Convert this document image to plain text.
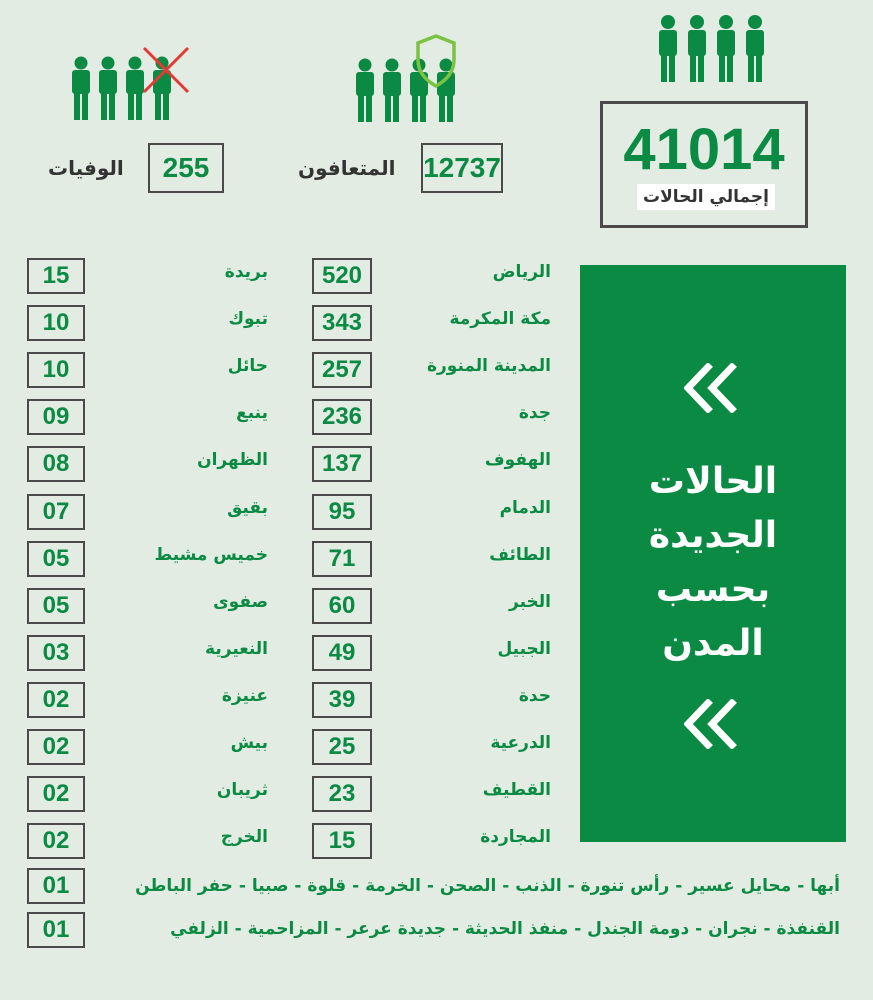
41014
إجمالي الحالات
12737
المتعافون
255
الوفيات
الحالات
الجديدة
بحسب
المدن
520	الرياض
343	مكة المكرمة
257	المدينة المنورة
236	جدة
137	الهفوف
95	الدمام
71	الطائف
60	الخبر
49	الجبيل
39	حدة
25	الدرعية
23	القطيف
15	المجاردة
15	بريدة
10	تبوك
10	حائل
09	ينبع
08	الظهران
07	بقيق
05	خميس مشيط
05	صفوى
03	النعيرية
02	عنيزة
02	بيش
02	ثريبان
02	الخرج
01	أبها - محايل عسير - رأس تنورة - الذنب - الصحن - الخرمة - قلوة - صبيا - حفر الباطن
01	القنفذة - نجران - دومة الجندل - منفذ الحديثة - جديدة عرعر - المزاحمية - الزلفي
